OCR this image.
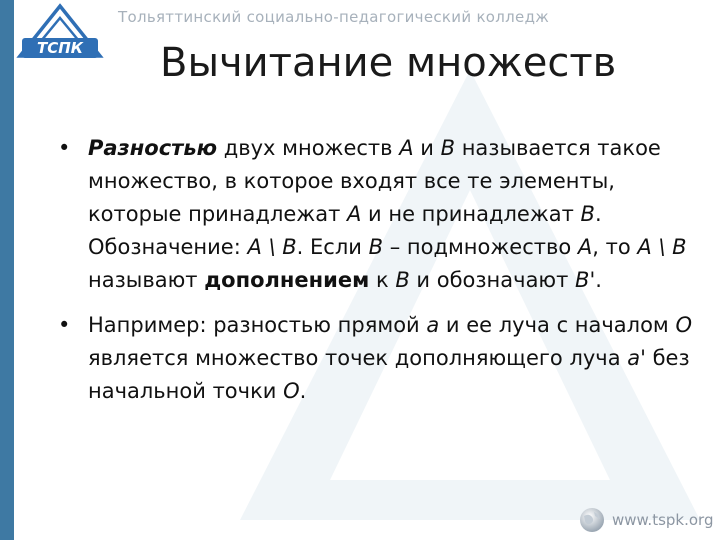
TCПК
Тольяттинский социально-педагогический колледж
Вычитание множеств
• Разностью двух множеств A и B называется такое множество, в которое входят все те элементы, которые принадлежат A и не принадлежат B. Обозначение: A \ B. Если B – подмножество A, то A \ B называют дополнением к B и обозначают B'.
• Например: разностью прямой a и ее луча с началом O является множество точек дополняющего луча a' без начальной точки O.
www.tspk.org
